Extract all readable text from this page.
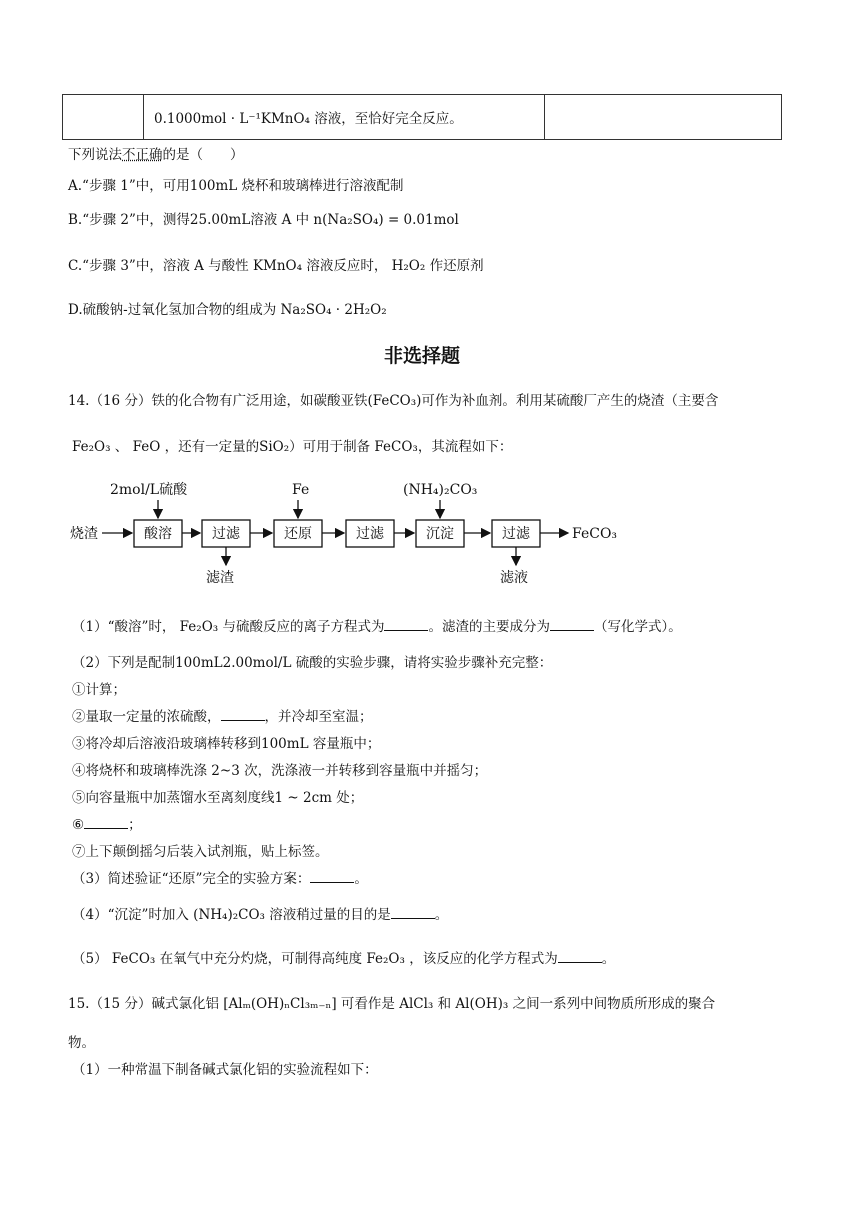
	0.1000mol · L⁻¹KMnO₄ 溶液，至恰好完全反应。	
下列说法不正确的是（　　）
A.“步骤 1”中，可用100mL 烧杯和玻璃棒进行溶液配制
B.“步骤 2”中，测得25.00mL溶液 A 中 n(Na₂SO₄) = 0.01mol
C.“步骤 3”中，溶液 A 与酸性 KMnO₄ 溶液反应时， H₂O₂ 作还原剂
D.硫酸钠-过氧化氢加合物的组成为 Na₂SO₄ · 2H₂O₂
非选择题
14.（16 分）铁的化合物有广泛用途，如碳酸亚铁(FeCO₃)可作为补血剂。利用某硫酸厂产生的烧渣（主要含
Fe₂O₃ 、 FeO ，还有一定量的SiO₂）可用于制备 FeCO₃，其流程如下：
烧渣
2mol/L硫酸	Fe	(NH₄)₂CO₃
滤渣	滤液
FeCO₃
酸溶	过滤	还原	过滤	沉淀	过滤
（1）“酸溶”时， Fe₂O₃ 与硫酸反应的离子方程式为	。滤渣的主要成分为	（写化学式）。
（2）下列是配制100mL2.00mol/L 硫酸的实验步骤，请将实验步骤补充完整：
①计算；
②量取一定量的浓硫酸，	，并冷却至室温；
③将冷却后溶液沿玻璃棒转移到100mL 容量瓶中；
④将烧杯和玻璃棒洗涤 2~3 次，洗涤液一并转移到容量瓶中并摇匀；
⑤向容量瓶中加蒸馏水至离刻度线1 ~ 2cm 处；
⑥	；
⑦上下颠倒摇匀后装入试剂瓶，贴上标签。
（3）简述验证“还原”完全的实验方案：	。
（4）“沉淀”时加入 (NH₄)₂CO₃ 溶液稍过量的目的是	。
（5） FeCO₃ 在氧气中充分灼烧，可制得高纯度 Fe₂O₃ ，该反应的化学方程式为	。
15.（15 分）碱式氯化铝 [Alₘ(OH)ₙCl₃ₘ₋ₙ] 可看作是 AlCl₃ 和 Al(OH)₃ 之间一系列中间物质所形成的聚合
物。
（1）一种常温下制备碱式氯化铝的实验流程如下：
